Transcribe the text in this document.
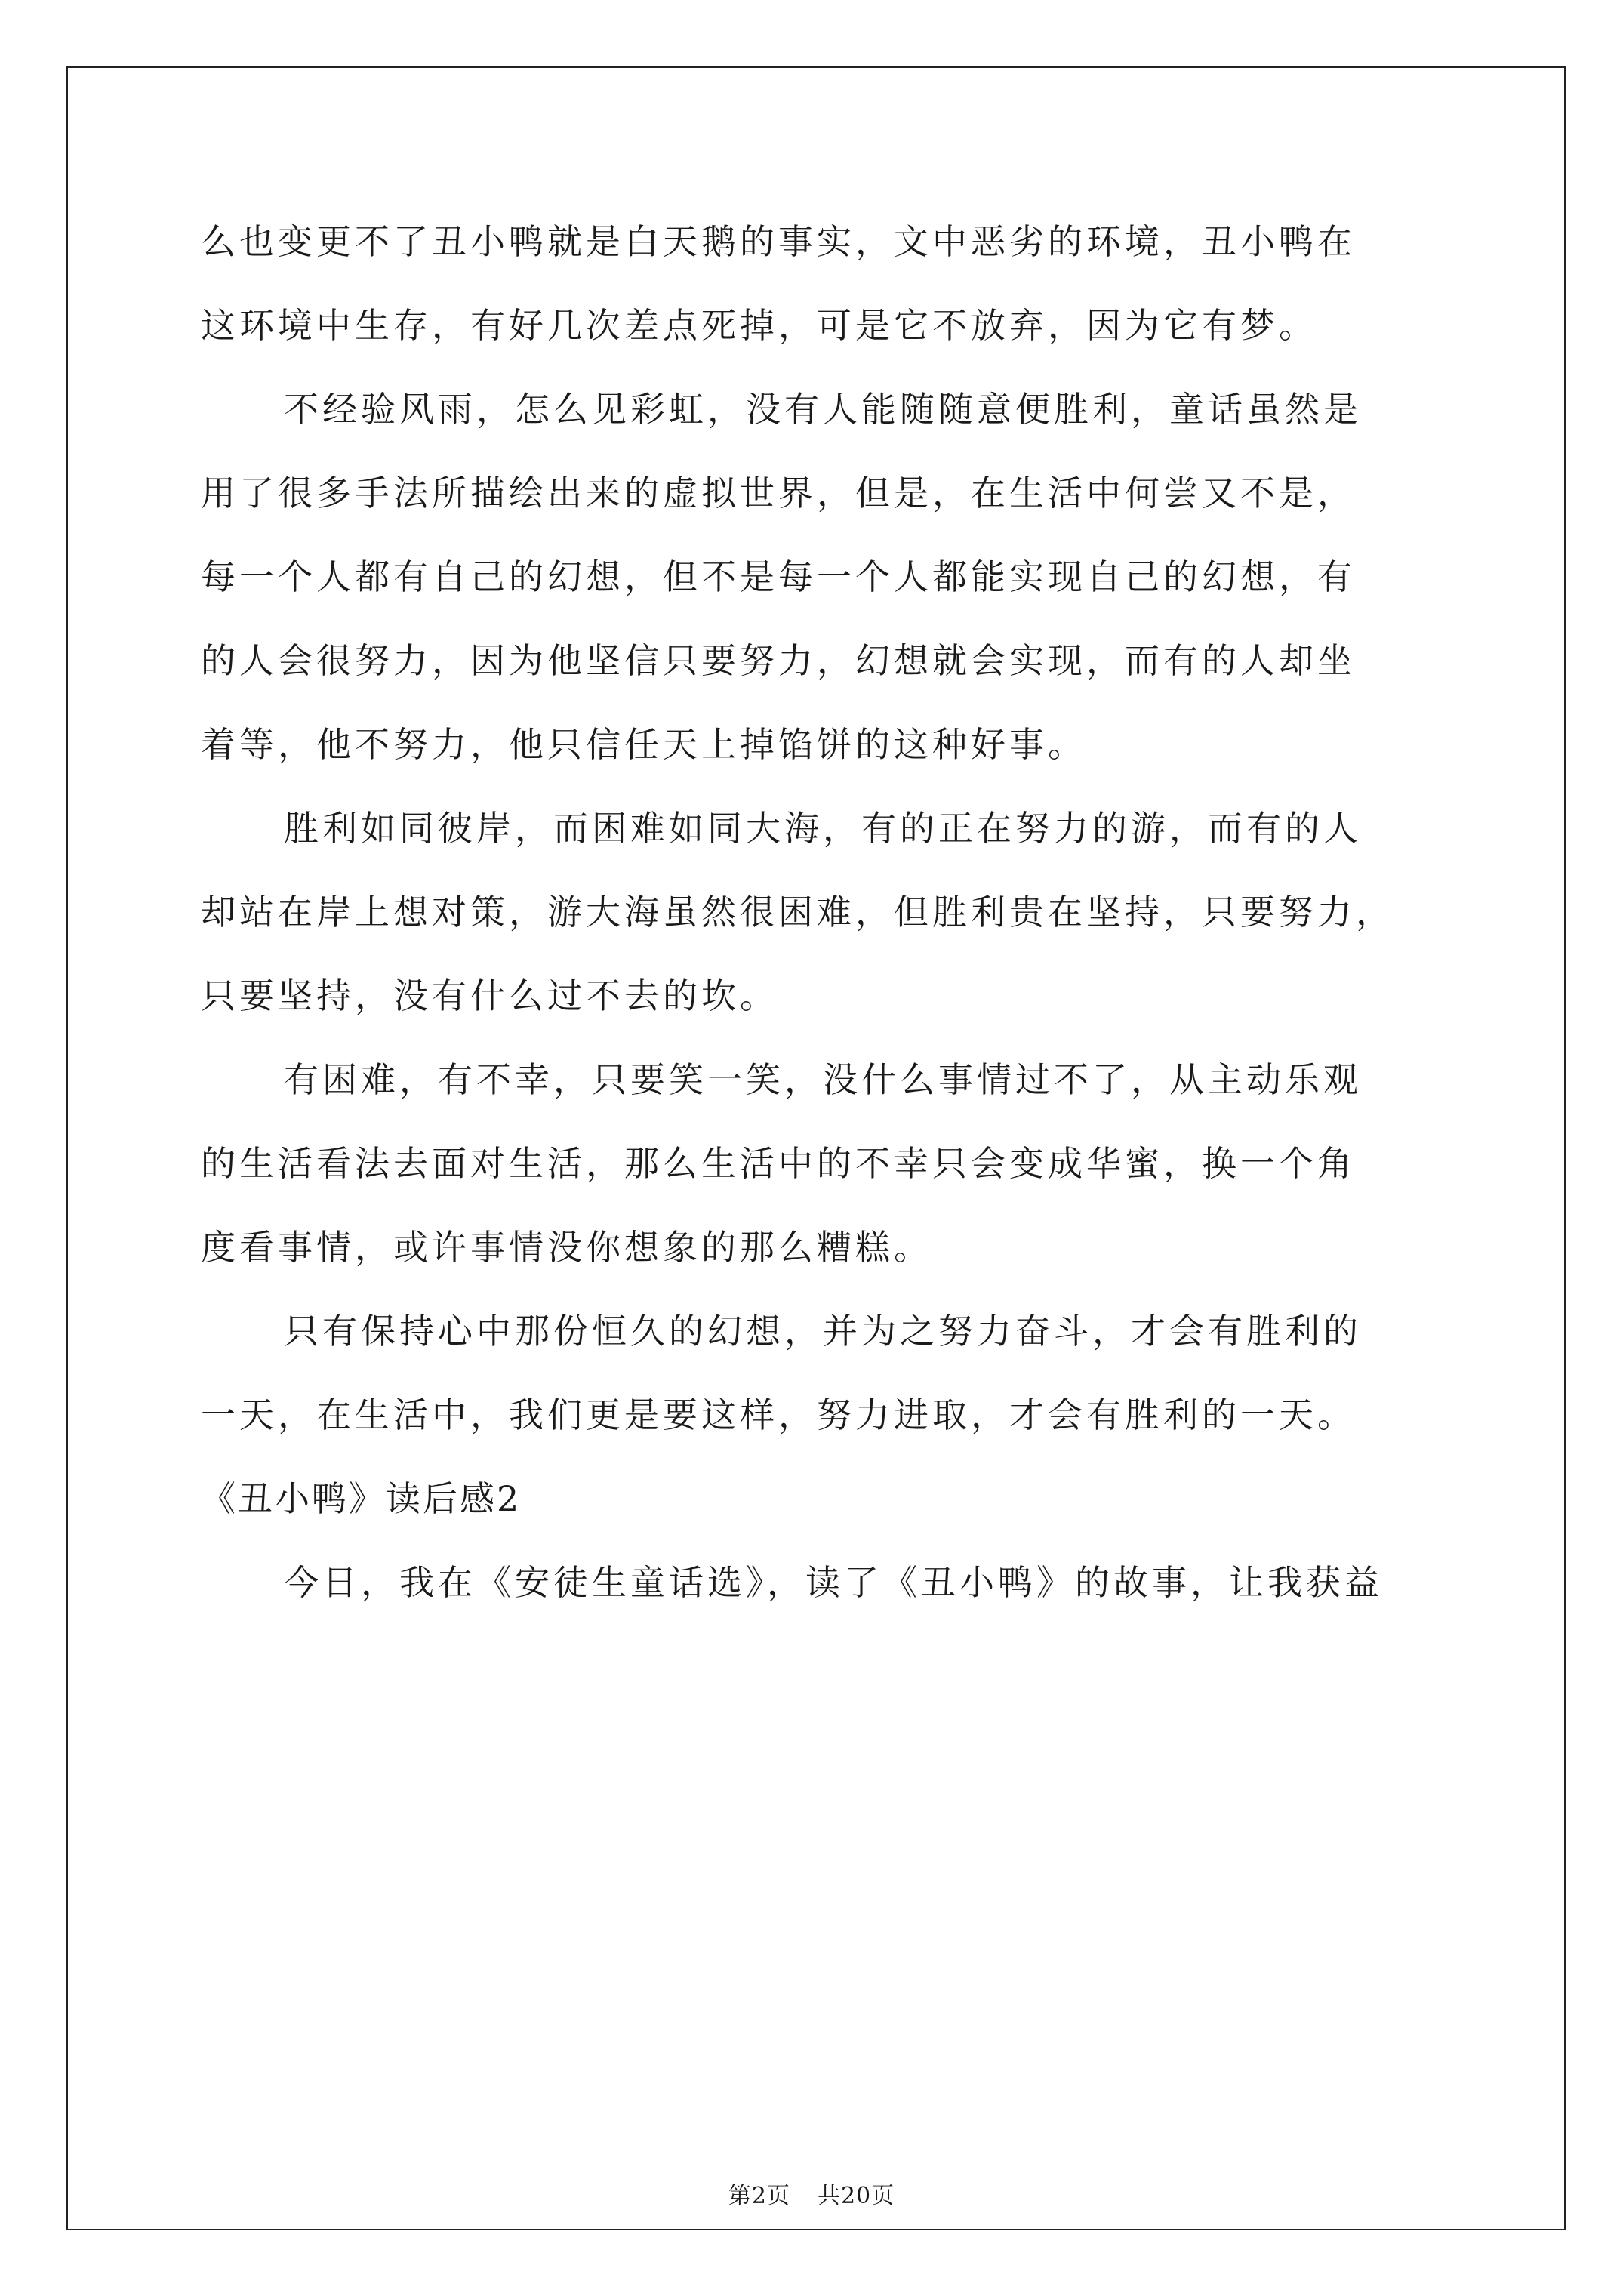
么也变更不了丑小鸭就是白天鹅的事实，文中恶劣的环境，丑小鸭在
这环境中生存，有好几次差点死掉，可是它不放弃，因为它有梦。
不经验风雨，怎么见彩虹，没有人能随随意便胜利，童话虽然是
用了很多手法所描绘出来的虚拟世界，但是，在生活中何尝又不是，
每一个人都有自己的幻想，但不是每一个人都能实现自己的幻想，有
的人会很努力，因为他坚信只要努力，幻想就会实现，而有的人却坐
着等，他不努力，他只信任天上掉馅饼的这种好事。
胜利如同彼岸，而困难如同大海，有的正在努力的游，而有的人
却站在岸上想对策，游大海虽然很困难，但胜利贵在坚持，只要努力，
只要坚持，没有什么过不去的坎。
有困难，有不幸，只要笑一笑，没什么事情过不了，从主动乐观
的生活看法去面对生活，那么生活中的不幸只会变成华蜜，换一个角
度看事情，或许事情没你想象的那么糟糕。
只有保持心中那份恒久的幻想，并为之努力奋斗，才会有胜利的
一天，在生活中，我们更是要这样，努力进取，才会有胜利的一天。
《丑小鸭》读后感2
今日，我在《安徒生童话选》，读了《丑小鸭》的故事，让我获益
第2页 共20页
